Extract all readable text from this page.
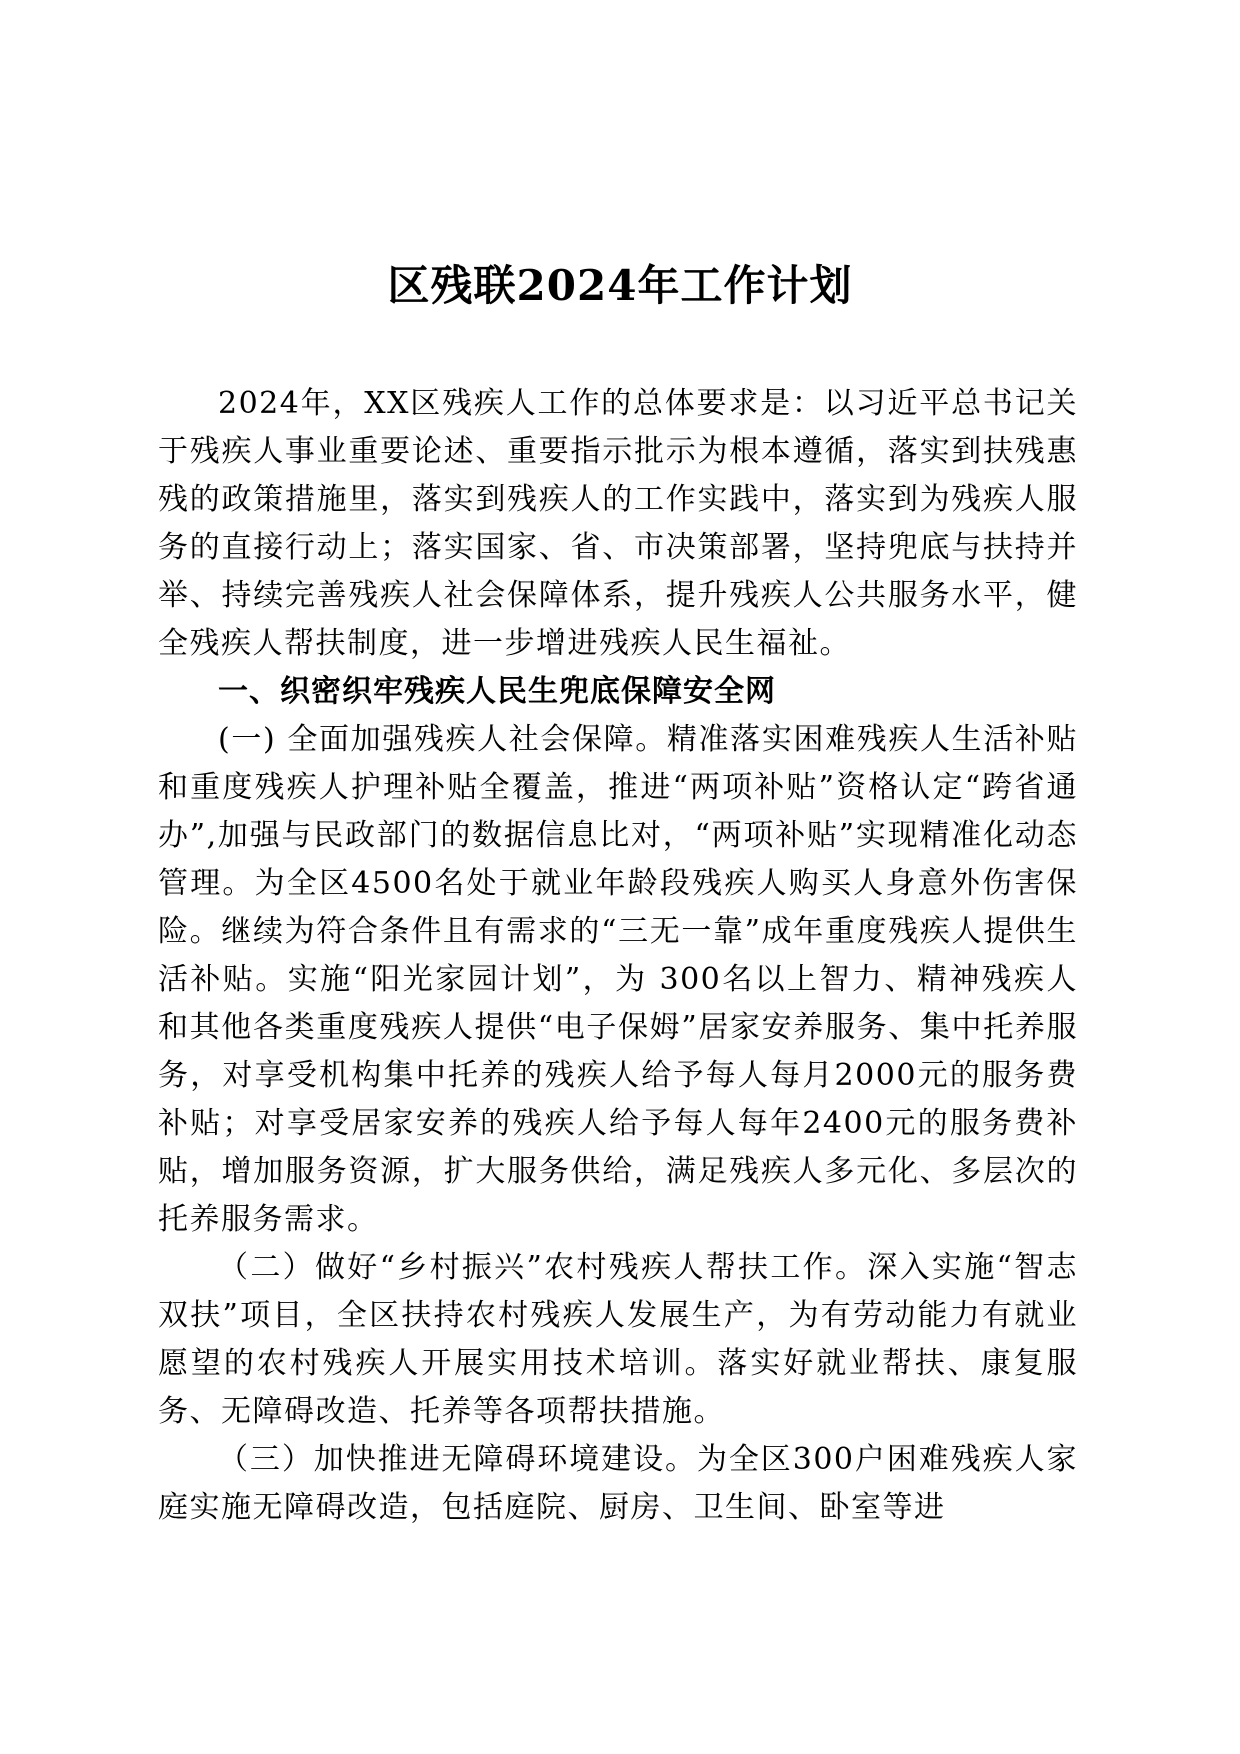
区残联2024年工作计划

2024年，XX区残疾人工作的总体要求是：以习近平总书记关于残疾人事业重要论述、重要指示批示为根本遵循，落实到扶残惠残的政策措施里，落实到残疾人的工作实践中，落实到为残疾人服务的直接行动上；落实国家、省、市决策部署，坚持兜底与扶持并举、持续完善残疾人社会保障体系，提升残疾人公共服务水平，健全残疾人帮扶制度，进一步增进残疾人民生福祉。

一、织密织牢残疾人民生兜底保障安全网

(一) 全面加强残疾人社会保障。精准落实困难残疾人生活补贴和重度残疾人护理补贴全覆盖，推进“两项补贴”资格认定“跨省通办”,加强与民政部门的数据信息比对，“两项补贴”实现精准化动态管理。为全区4500名处于就业年龄段残疾人购买人身意外伤害保险。继续为符合条件且有需求的“三无一靠”成年重度残疾人提供生活补贴。实施“阳光家园计划”，为 300名以上智力、精神残疾人和其他各类重度残疾人提供“电子保姆”居家安养服务、集中托养服务，对享受机构集中托养的残疾人给予每人每月2000元的服务费补贴；对享受居家安养的残疾人给予每人每年2400元的服务费补贴，增加服务资源，扩大服务供给，满足残疾人多元化、多层次的托养服务需求。

（二）做好“乡村振兴”农村残疾人帮扶工作。深入实施“智志双扶”项目，全区扶持农村残疾人发展生产，为有劳动能力有就业愿望的农村残疾人开展实用技术培训。落实好就业帮扶、康复服务、无障碍改造、托养等各项帮扶措施。

（三）加快推进无障碍环境建设。为全区300户困难残疾人家庭实施无障碍改造，包括庭院、厨房、卫生间、卧室等进
